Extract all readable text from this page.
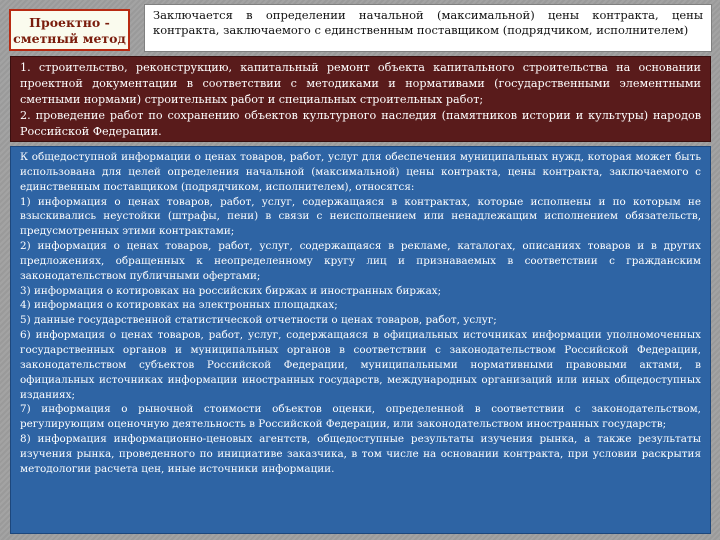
Проектно - сметный метод
Заключается в определении начальной (максимальной) цены контракта, цены контракта, заключаемого с единственным поставщиком (подрядчиком, исполнителем)

1. строительство, реконструкцию, капитальный ремонт объекта капитального строительства на основании проектной документации в соответствии с методиками и нормативами (государственными элементными сметными нормами) строительных работ и специальных строительных работ;

2. проведение работ по сохранению объектов культурного наследия (памятников истории и культуры) народов Российской Федерации.

К общедоступной информации о ценах товаров, работ, услуг для обеспечения муниципальных нужд, которая может быть использована для целей определения начальной (максимальной) цены контракта, цены контракта, заключаемого с единственным поставщиком (подрядчиком, исполнителем), относятся:

1) информация о ценах товаров, работ, услуг, содержащаяся в контрактах, которые исполнены и по которым не взыскивались неустойки (штрафы, пени) в связи с неисполнением или ненадлежащим исполнением обязательств, предусмотренных этими контрактами;

2) информация о ценах товаров, работ, услуг, содержащаяся в рекламе, каталогах, описаниях товаров и в других предложениях, обращенных к неопределенному кругу лиц и признаваемых в соответствии с гражданским законодательством публичными офертами;

3) информация о котировках на российских биржах и иностранных биржах;

4) информация о котировках на электронных площадках;

5) данные государственной статистической отчетности о ценах товаров, работ, услуг;

6) информация о ценах товаров, работ, услуг, содержащаяся в официальных источниках информации уполномоченных государственных органов и муниципальных органов в соответствии с законодательством Российской Федерации, законодательством субъектов Российской Федерации, муниципальными нормативными правовыми актами, в официальных источниках информации иностранных государств, международных организаций или иных общедоступных изданиях;

7) информация о рыночной стоимости объектов оценки, определенной в соответствии с законодательством, регулирующим оценочную деятельность в Российской Федерации, или законодательством иностранных государств;

8) информация информационно-ценовых агентств, общедоступные результаты изучения рынка, а также результаты изучения рынка, проведенного по инициативе заказчика, в том числе на основании контракта, при условии раскрытия методологии расчета цен, иные источники информации.
